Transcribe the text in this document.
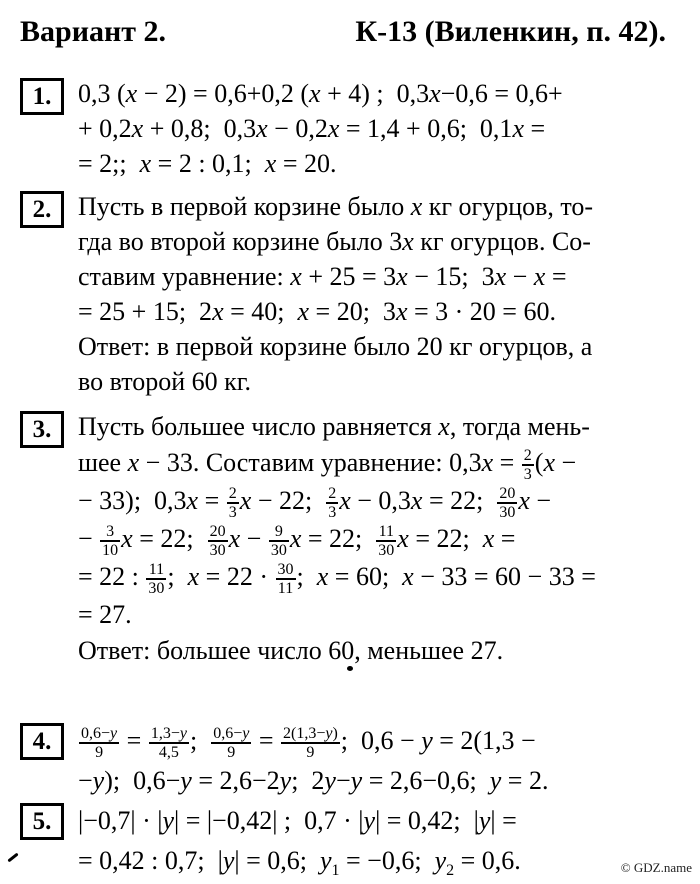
Вариант 2.	К-13 (Виленкин, п. 42).
1.	0,3 (x − 2) = 0,6+0,2 (x + 4) ;  0,3x−0,6 = 0,6+
+ 0,2x + 0,8;  0,3x − 0,2x = 1,4 + 0,6;  0,1x =
= 2;;  x = 2 : 0,1;  x = 20.
2.	Пусть в первой корзине было x кг огурцов, то-
гда во второй корзине было 3x кг огурцов. Со-
ставим уравнение: x + 25 = 3x − 15;  3x − x =
= 25 + 15;  2x = 40;  x = 20;  3x = 3 · 20 = 60.
Ответ: в первой корзине было 20 кг огурцов, а
во второй 60 кг.
3.	Пусть большее число равняется x, тогда мень-
шее x − 33. Составим уравнение: $0,3x = \frac{2}{3} (x$ −
− 33);  $0,3x = \frac{2}{3}$ x − 22; $\frac{2}{3}$ x − 0,3x = 22; $\frac{20}{30}$ x −
− $\frac{3}{10}$ x = 22; $\frac{20}{30}$ $x - \frac{9}{30}$ x = 22; $\frac{11}{30}$ x = 22;  x =
= 22 : $\frac{11}{30}$ ;  $x = 22 \cdot \frac{30}{11}$ ;  x = 60;  x − 33 = 60 − 33 =
= 27.
Ответ: большее число 60, меньшее 27.
4.	$\frac{0,6-y}{9} = \frac{1,3-y}{4,5}$ ; $\frac{0,6-y}{9} = \frac{2(1,3-y)}{9}$ ;  0,6 − y = 2(1,3 −
−y);  0,6−y = 2,6−2y;  2y−y = 2,6−0,6;  y = 2.
5.	|−0,7| · |y| = |−0,42| ;  0,7 · |y| = 0,42;  |y| =
= 0,42 : 0,7;  |y| = 0,6;  $y_1 = -0,6$;  $y_2 = 0,6$.	© GDZ.name
